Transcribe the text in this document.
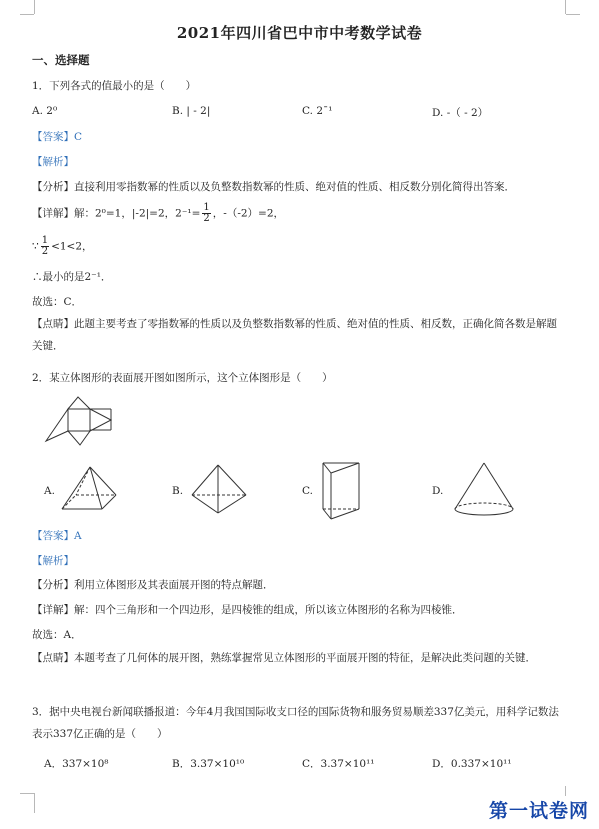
2021年四川省巴中市中考数学试卷
一、选择题
1．下列各式的值最小的是（　　）
A. 2⁰	B. | - 2|	C. 2ˉ¹	D. -（ - 2）
【答案】C
【解析】
【分析】直接利用零指数幂的性质以及负整数指数幂的性质、绝对值的性质、相反数分别化简得出答案．
【详解】解：2⁰=1，|-2|=2，$2^{-1}= \frac{1}{2}$ ，-（-2）=2，
∵ $\frac{1}{2} <1<2$，
∴最小的是2⁻¹．
故选：C．
【点睛】此题主要考查了零指数幂的性质以及负整数指数幂的性质、绝对值的性质、相反数，正确化简各数是解题关键．
2．某立体图形的表面展开图如图所示，这个立体图形是（　　）
A.	B.	C.	D.
【答案】A
【解析】
【分析】利用立体图形及其表面展开图的特点解题．
【详解】解：四个三角形和一个四边形，是四棱锥的组成，所以该立体图形的名称为四棱锥．
故选：A．
【点睛】本题考查了几何体的展开图，熟练掌握常见立体图形的平面展开图的特征，是解决此类问题的关键．
3．据中央电视台新闻联播报道：今年4月我国国际收支口径的国际货物和服务贸易顺差337亿美元，用科学记数法表示337亿正确的是（　　）
A．337×10⁸	B．3.37×10¹⁰	C．3.37×10¹¹	D．0.337×10¹¹
第一试卷网
